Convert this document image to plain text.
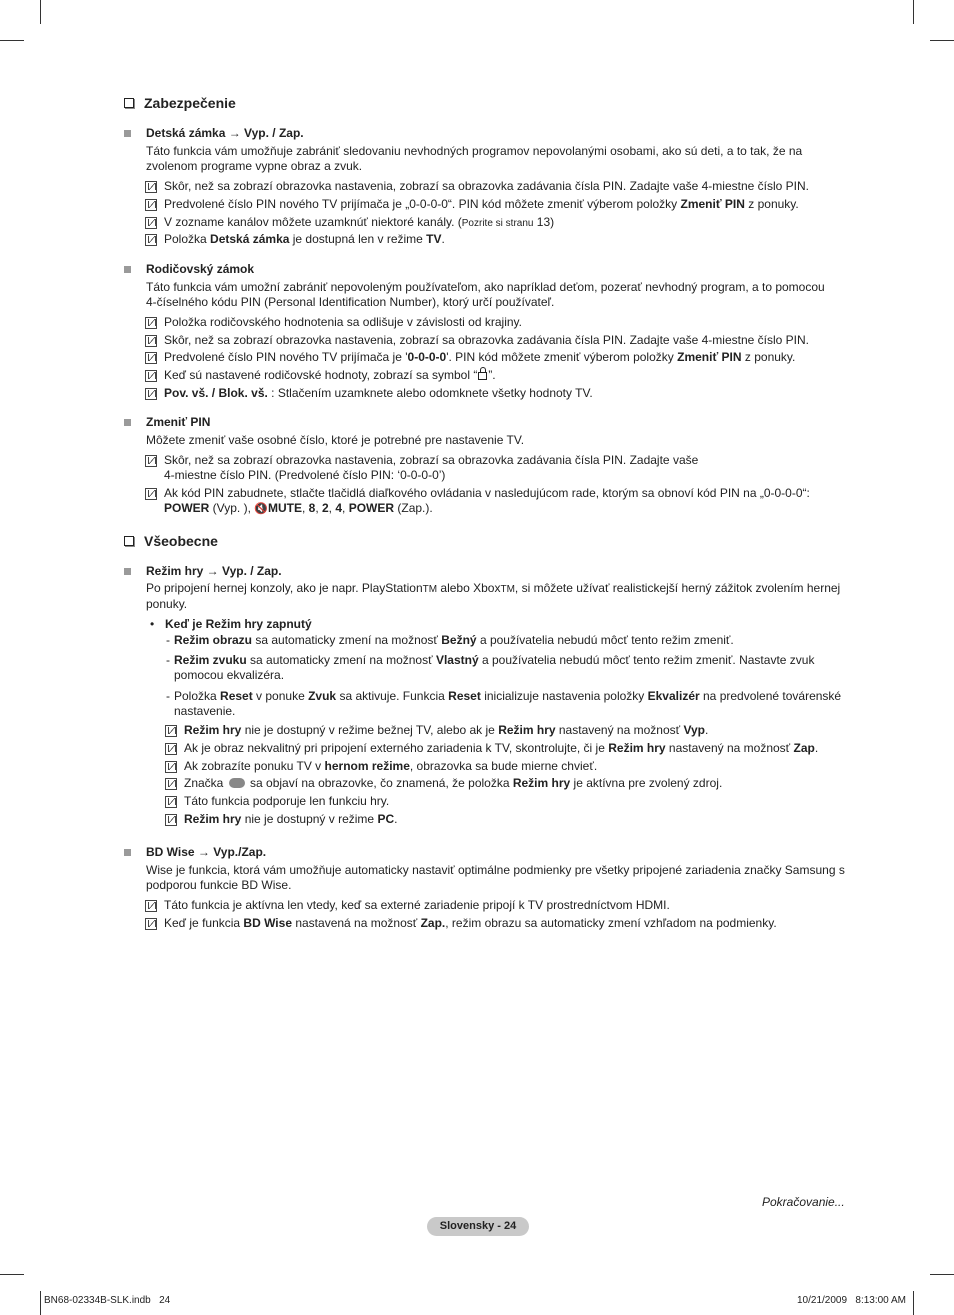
Zabezpečenie
Detská zámka → Vyp. / Zap.
Táto funkcia vám umožňuje zabrániť sledovaniu nevhodných programov nepovolanými osobami, ako sú deti, a to tak, že na
zvolenom programe vypne obraz a zvuk.
Skôr, než sa zobrazí obrazovka nastavenia, zobrazí sa obrazovka zadávania čísla PIN. Zadajte vaše 4-miestne číslo PIN.
Predvolené číslo PIN nového TV prijímača je „0-0-0-0“. PIN kód môžete zmeniť výberom položky Zmeniť PIN z ponuky.
V zozname kanálov môžete uzamknúť niektoré kanály. (Pozrite si stranu 13)
Položka Detská zámka je dostupná len v režime TV.
Rodičovský zámok
Táto funkcia vám umožní zabrániť nepovoleným používateľom, ako napríklad deťom, pozerať nevhodný program, a to pomocou
4-číselného kódu PIN (Personal Identification Number), ktorý určí používateľ.
Položka rodičovského hodnotenia sa odlišuje v závislosti od krajiny.
Skôr, než sa zobrazí obrazovka nastavenia, zobrazí sa obrazovka zadávania čísla PIN. Zadajte vaše 4-miestne číslo PIN.
Predvolené číslo PIN nového TV prijímača je '0-0-0-0'. PIN kód môžete zmeniť výberom položky Zmeniť PIN z ponuky.
Keď sú nastavené rodičovské hodnoty, zobrazí sa symbol “ ”.
Pov. vš. / Blok. vš. : Stlačením uzamknete alebo odomknete všetky hodnoty TV.
Zmeniť PIN
Môžete zmeniť vaše osobné číslo, ktoré je potrebné pre nastavenie TV.
Skôr, než sa zobrazí obrazovka nastavenia, zobrazí sa obrazovka zadávania čísla PIN. Zadajte vaše
4-miestne číslo PIN. (Predvolené číslo PIN: ‘0-0-0-0’)
Ak kód PIN zabudnete, stlačte tlačidlá diaľkového ovládania v nasledujúcom rade, ktorým sa obnoví kód PIN na „0-0-0-0“:
POWER (Vyp. ), 🔇MUTE, 8, 2, 4, POWER (Zap.).
Všeobecne
Režim hry → Vyp. / Zap.
Po pripojení hernej konzoly, ako je napr. PlayStationTM alebo XboxTM, si môžete užívať realistickejší herný zážitok zvolením hernej
ponuky.
• Keď je Režim hry zapnutý
- Režim obrazu sa automaticky zmení na možnosť Bežný a používatelia nebudú môcť tento režim zmeniť.
- Režim zvuku sa automaticky zmení na možnosť Vlastný a používatelia nebudú môcť tento režim zmeniť. Nastavte zvuk
pomocou ekvalizéra.
- Položka Reset v ponuke Zvuk sa aktivuje. Funkcia Reset inicializuje nastavenia položky Ekvalizér na predvolené továrenské
nastavenie.
Režim hry nie je dostupný v režime bežnej TV, alebo ak je Režim hry nastavený na možnosť Vyp.
Ak je obraz nekvalitný pri pripojení externého zariadenia k TV, skontrolujte, či je Režim hry nastavený na možnosť Zap.
Ak zobrazíte ponuku TV v hernom režime, obrazovka sa bude mierne chvieť.
Značka  sa objaví na obrazovke, čo znamená, že položka Režim hry je aktívna pre zvolený zdroj.
Táto funkcia podporuje len funkciu hry.
Režim hry nie je dostupný v režime PC.
BD Wise → Vyp./Zap.
Wise je funkcia, ktorá vám umožňuje automaticky nastaviť optimálne podmienky pre všetky pripojené zariadenia značky Samsung s
podporou funkcie BD Wise.
Táto funkcia je aktívna len vtedy, keď sa externé zariadenie pripojí k TV prostredníctvom HDMI.
Keď je funkcia BD Wise nastavená na možnosť Zap., režim obrazu sa automaticky zmení vzhľadom na podmienky.
Pokračovanie...
Slovensky - 24
BN68-02334B-SLK.indb   24	10/21/2009   8:13:00 AM
